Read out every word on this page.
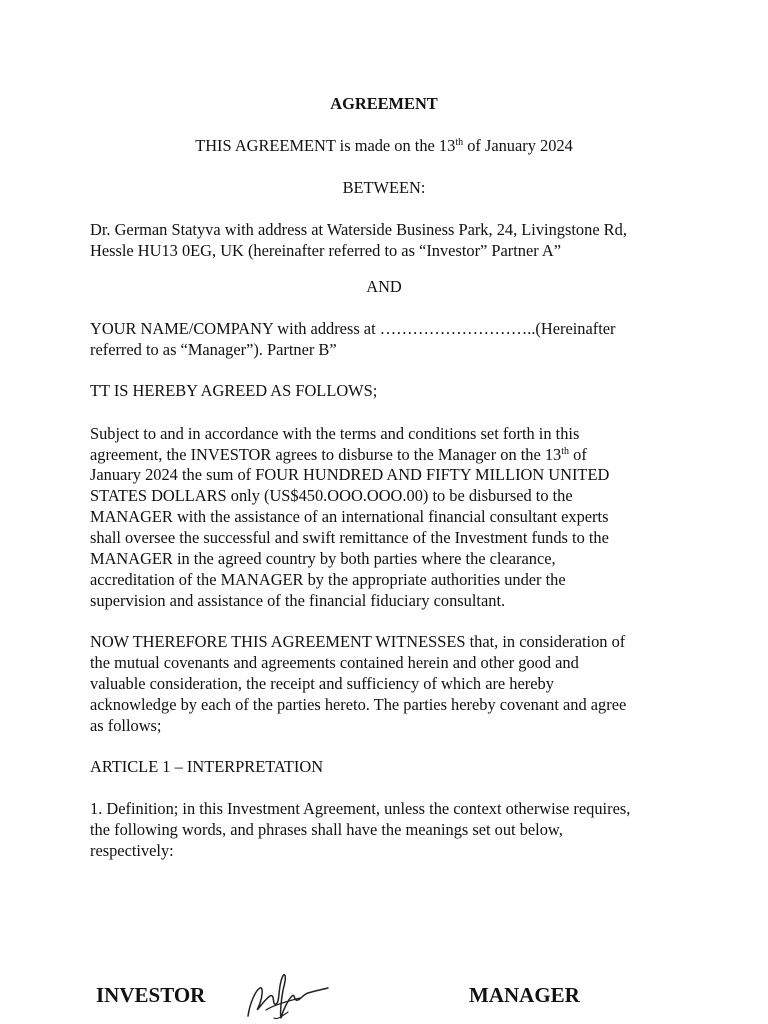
AGREEMENT
THIS AGREEMENT is made on the 13th of January 2024
BETWEEN:
Dr. German Statyva with address at Waterside Business Park, 24, Livingstone Rd,
Hessle HU13 0EG, UK (hereinafter referred to as “Investor” Partner A”
AND
YOUR NAME/COMPANY with address at ………………………..(Hereinafter
referred to as “Manager”). Partner B”
TT IS HEREBY AGREED AS FOLLOWS;
Subject to and in accordance with the terms and conditions set forth in this
agreement, the INVESTOR agrees to disburse to the Manager on the 13th of
January 2024 the sum of FOUR HUNDRED AND FIFTY MILLION UNITED
STATES DOLLARS only (US$450.OOO.OOO.00) to be disbursed to the
MANAGER with the assistance of an international financial consultant experts
shall oversee the successful and swift remittance of the Investment funds to the
MANAGER in the agreed country by both parties where the clearance,
accreditation of the MANAGER by the appropriate authorities under the
supervision and assistance of the financial fiduciary consultant.
NOW THEREFORE THIS AGREEMENT WITNESSES that, in consideration of
the mutual covenants and agreements contained herein and other good and
valuable consideration, the receipt and sufficiency of which are hereby
acknowledge by each of the parties hereto. The parties hereby covenant and agree
as follows;
ARTICLE 1 – INTERPRETATION
1. Definition; in this Investment Agreement, unless the context otherwise requires,
the following words, and phrases shall have the meanings set out below,
respectively:
INVESTOR	MANAGER
